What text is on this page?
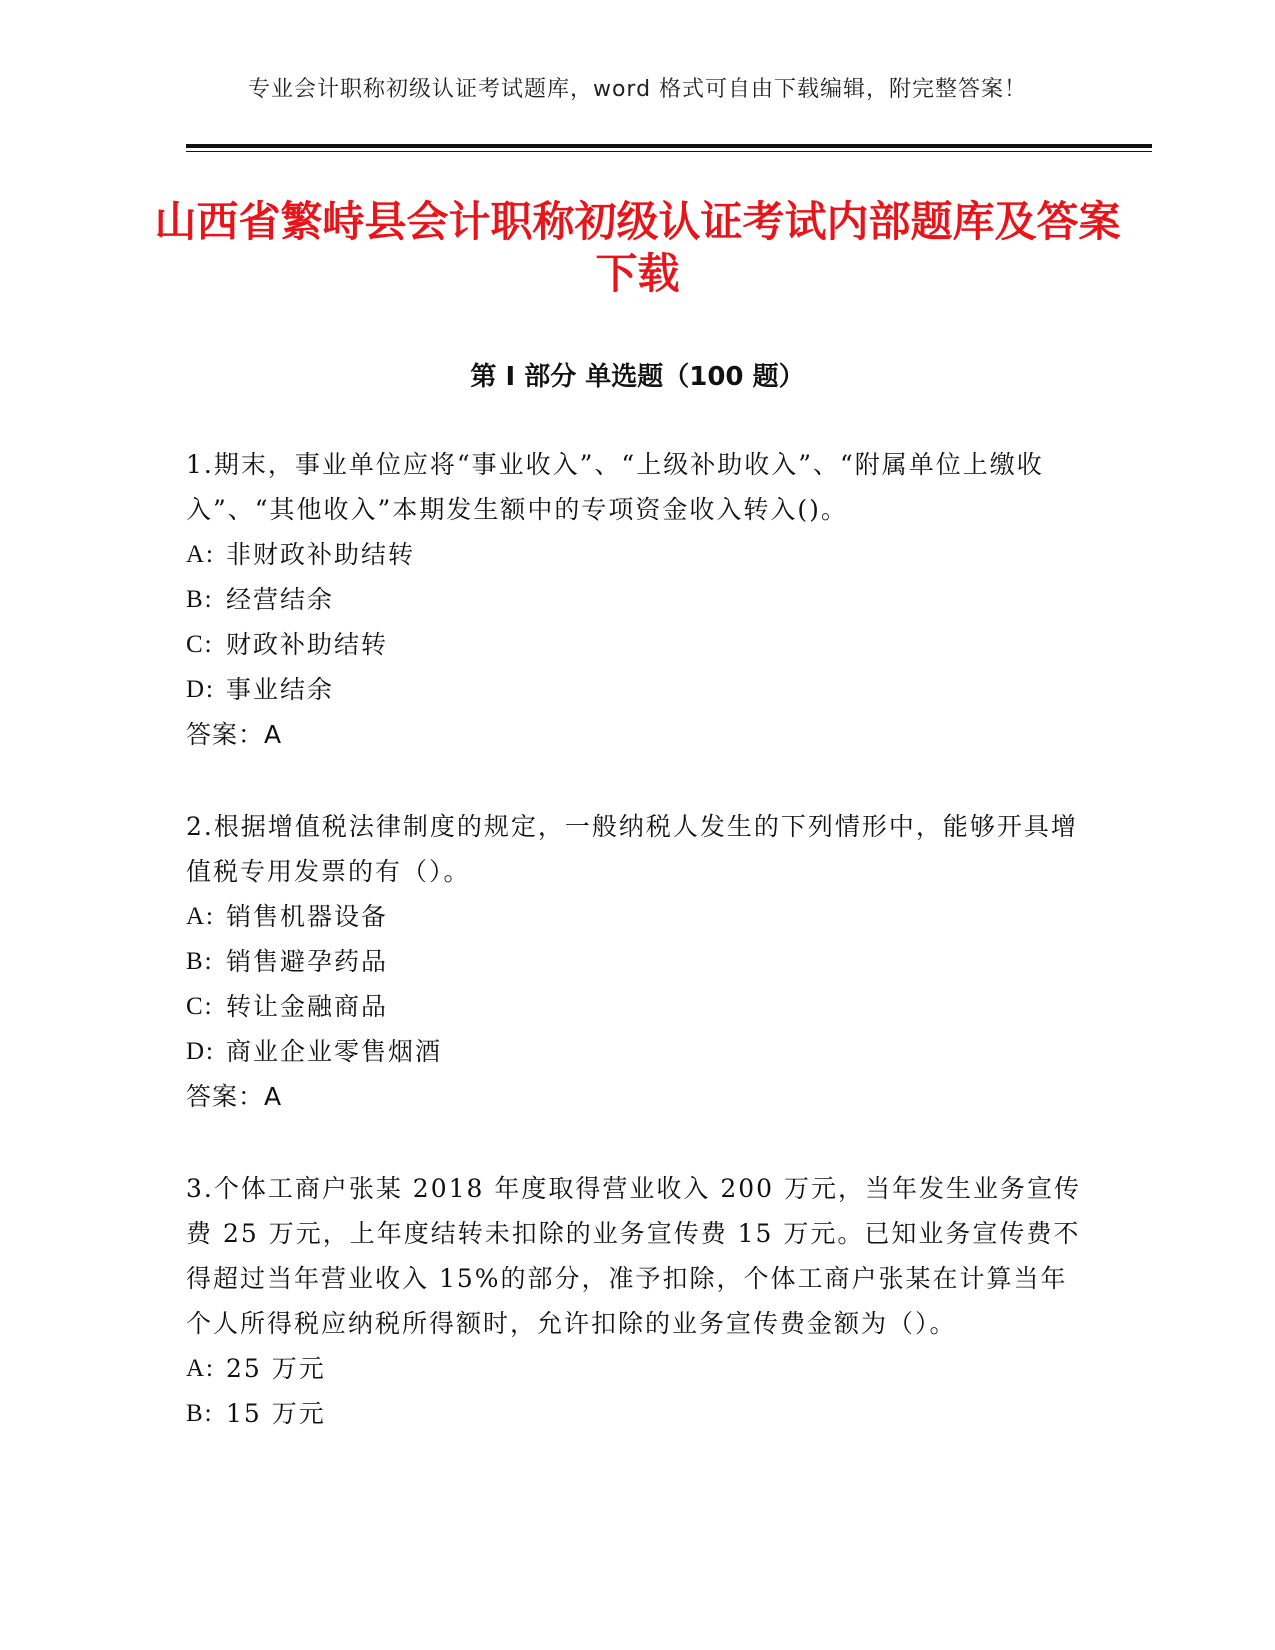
专业会计职称初级认证考试题库，word 格式可自由下载编辑，附完整答案！
山西省繁峙县会计职称初级认证考试内部题库及答案下载
第 I 部分 单选题（100 题）

1.期末，事业单位应将“事业收入”、“上级补助收入”、“附属单位上缴收入”、“其他收入”本期发生额中的专项资金收入转入()。

A: 非财政补助结转

B: 经营结余

C: 财政补助结转

D: 事业结余

答案：A

2.根据增值税法律制度的规定，一般纳税人发生的下列情形中，能够开具增值税专用发票的有（）。

A: 销售机器设备

B: 销售避孕药品

C: 转让金融商品

D: 商业企业零售烟酒

答案：A

3.个体工商户张某 2018 年度取得营业收入 200 万元，当年发生业务宣传费 25 万元，上年度结转未扣除的业务宣传费 15 万元。已知业务宣传费不得超过当年营业收入 15%的部分，准予扣除，个体工商户张某在计算当年个人所得税应纳税所得额时，允许扣除的业务宣传费金额为（）。

A: 25 万元

B: 15 万元
